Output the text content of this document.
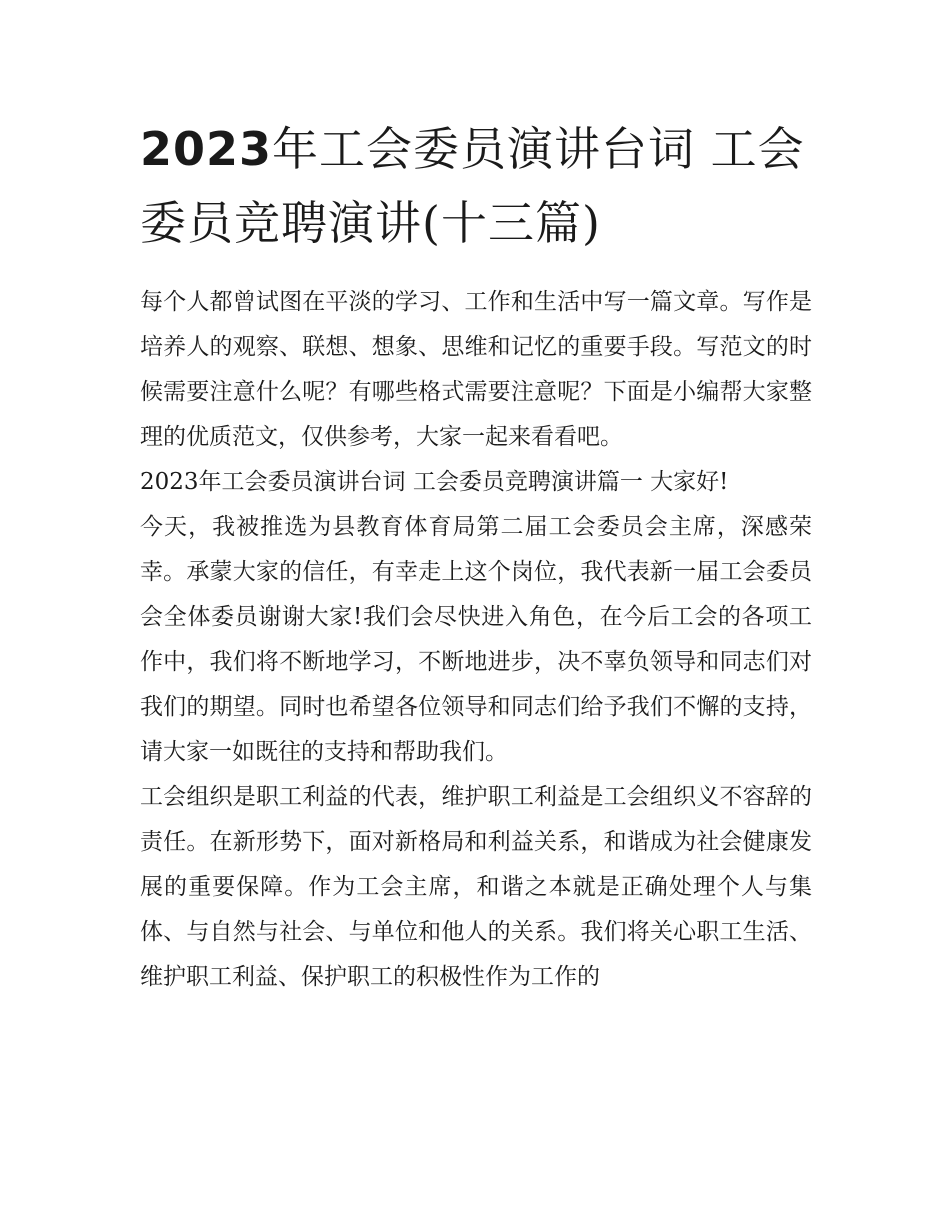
2023年工会委员演讲台词 工会委员竞聘演讲(十三篇)

每个人都曾试图在平淡的学习、工作和生活中写一篇文章。写作是培养人的观察、联想、想象、思维和记忆的重要手段。写范文的时候需要注意什么呢？有哪些格式需要注意呢？下面是小编帮大家整理的优质范文，仅供参考，大家一起来看看吧。

2023年工会委员演讲台词 工会委员竞聘演讲篇一 大家好!

今天，我被推选为县教育体育局第二届工会委员会主席，深感荣幸。承蒙大家的信任，有幸走上这个岗位，我代表新一届工会委员会全体委员谢谢大家!我们会尽快进入角色，在今后工会的各项工作中，我们将不断地学习，不断地进步，决不辜负领导和同志们对我们的期望。同时也希望各位领导和同志们给予我们不懈的支持，请大家一如既往的支持和帮助我们。

工会组织是职工利益的代表，维护职工利益是工会组织义不容辞的责任。在新形势下，面对新格局和利益关系，和谐成为社会健康发展的重要保障。作为工会主席，和谐之本就是正确处理个人与集体、与自然与社会、与单位和他人的关系。我们将关心职工生活、维护职工利益、保护职工的积极性作为工作的
